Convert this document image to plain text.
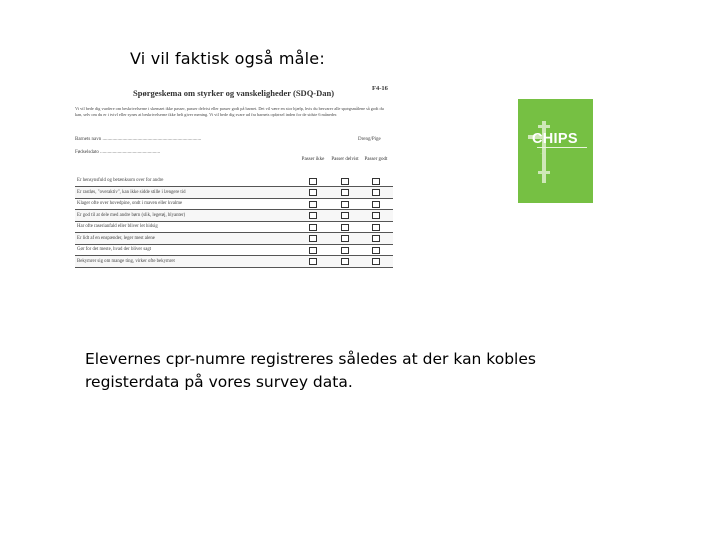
Vi vil faktisk også måle:
Spørgeskema om styrker og vanskeligheder (SDQ-Dan)	F4-16
Vi vil bede dig vurdere om beskrivelserne i skemaet ikke passer, passer delvist eller passer godt på barnet. Det vil være en stor hjælp, hvis du besvarer alle spørgsmålene så godt du kan, selv om du er i tvivl eller synes at beskrivelserne ikke helt giver mening. Vi vil bede dig svare ud fra barnets opførsel inden for de sidste 6 måneder.
Barnets navn ...............................................................................	Dreng/Pige
Fødselsdato ................................................
Passer ikke	Passer delvist	Passer godt
Er hensynsfuld og betænksom over for andre
Er rastløs, "overaktiv", kan ikke sidde stille i længere tid
Klager ofte over hovedpine, ondt i maven eller kvalme
Er god til at dele med andre børn (slik, legetøj, blyanter)
Har ofte raserianfald eller bliver let hidsig
Er lidt af en enspænder, leger mest alene
Gør for det meste, hvad der bliver sagt
Bekymrer sig om mange ting, virker ofte bekymret
CHIPS
...
Elevernes cpr-numre registreres således at der kan kobles registerdata på vores survey data.
